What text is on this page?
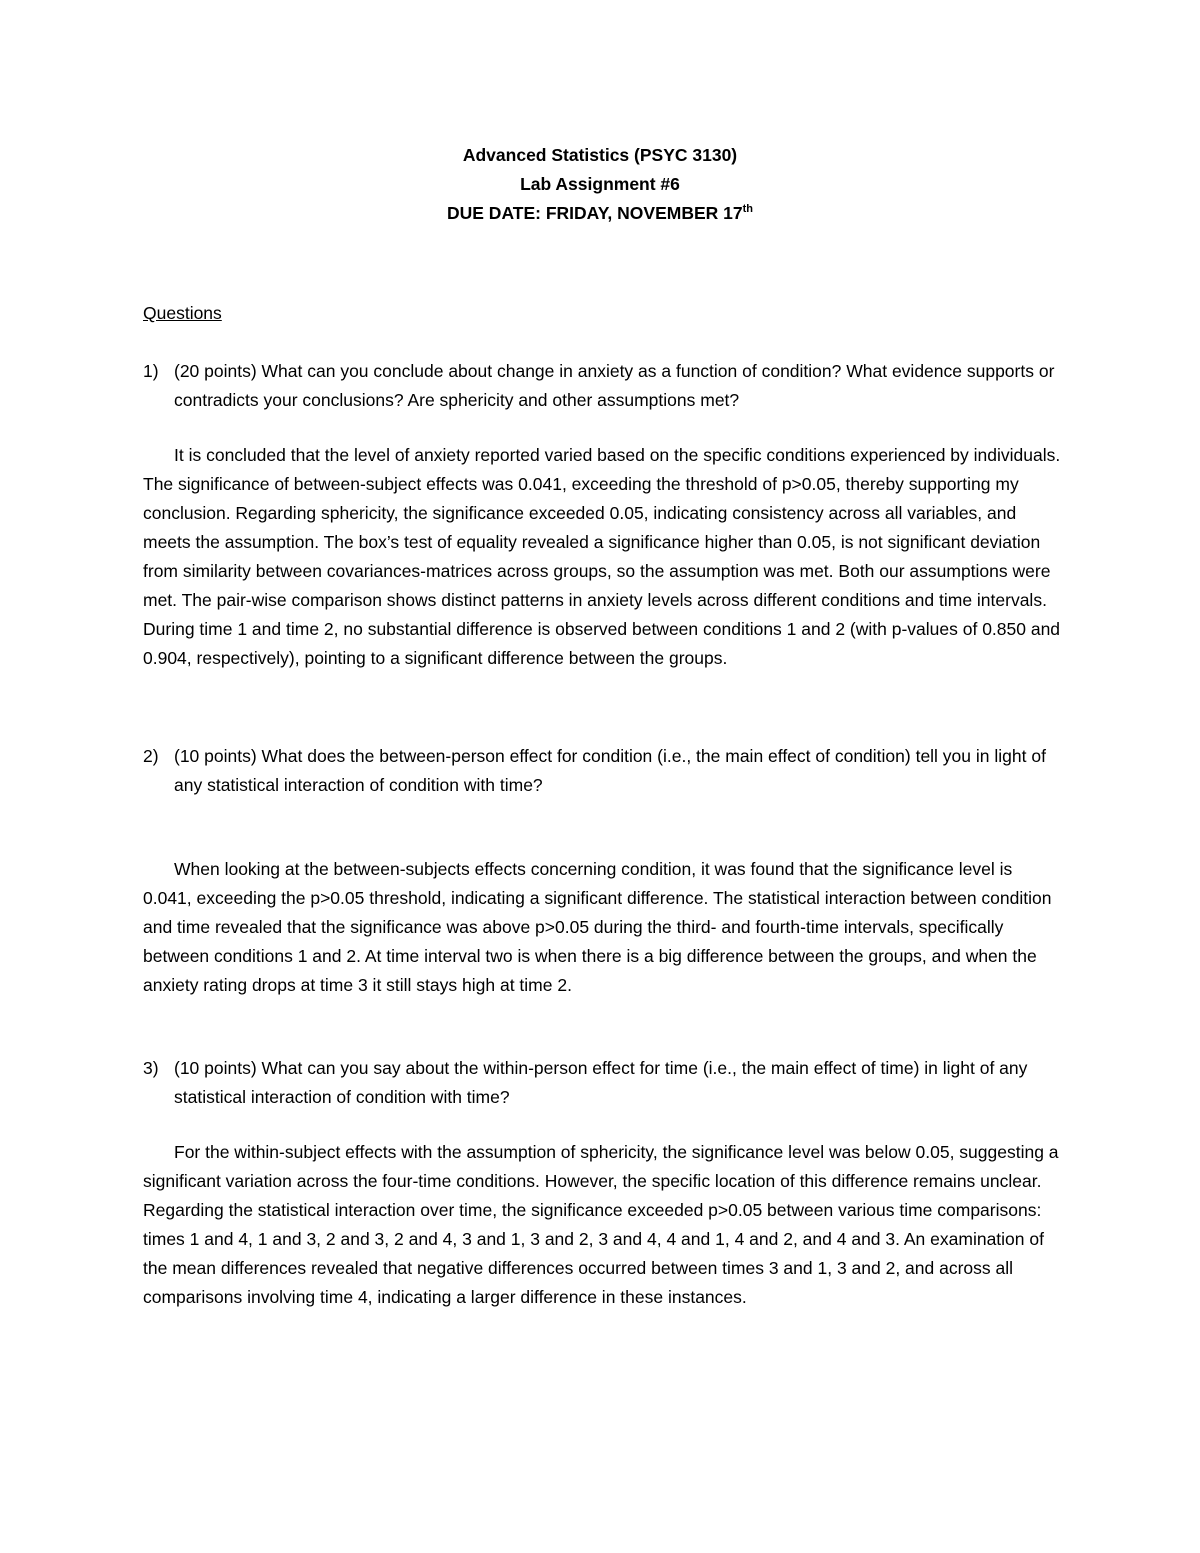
Advanced Statistics (PSYC 3130)
Lab Assignment #6
DUE DATE: FRIDAY, NOVEMBER 17th
Questions
1) (20 points) What can you conclude about change in anxiety as a function of condition? What evidence supports or contradicts your conclusions? Are sphericity and other assumptions met?
It is concluded that the level of anxiety reported varied based on the specific conditions experienced by individuals. The significance of between-subject effects was 0.041, exceeding the threshold of p>0.05, thereby supporting my conclusion. Regarding sphericity, the significance exceeded 0.05, indicating consistency across all variables, and meets the assumption. The box’s test of equality revealed a significance higher than 0.05, is not significant deviation from similarity between covariances-matrices across groups, so the assumption was met. Both our assumptions were met. The pair-wise comparison shows distinct patterns in anxiety levels across different conditions and time intervals. During time 1 and time 2, no substantial difference is observed between conditions 1 and 2 (with p-values of 0.850 and 0.904, respectively), pointing to a significant difference between the groups.
2) (10 points) What does the between-person effect for condition (i.e., the main effect of condition) tell you in light of any statistical interaction of condition with time?
When looking at the between-subjects effects concerning condition, it was found that the significance level is 0.041, exceeding the p>0.05 threshold, indicating a significant difference. The statistical interaction between condition and time revealed that the significance was above p>0.05 during the third- and fourth-time intervals, specifically between conditions 1 and 2. At time interval two is when there is a big difference between the groups, and when the anxiety rating drops at time 3 it still stays high at time 2.
3) (10 points) What can you say about the within-person effect for time (i.e., the main effect of time) in light of any statistical interaction of condition with time?
For the within-subject effects with the assumption of sphericity, the significance level was below 0.05, suggesting a significant variation across the four-time conditions. However, the specific location of this difference remains unclear. Regarding the statistical interaction over time, the significance exceeded p>0.05 between various time comparisons: times 1 and 4, 1 and 3, 2 and 3, 2 and 4, 3 and 1, 3 and 2, 3 and 4, 4 and 1, 4 and 2, and 4 and 3. An examination of the mean differences revealed that negative differences occurred between times 3 and 1, 3 and 2, and across all comparisons involving time 4, indicating a larger difference in these instances.
